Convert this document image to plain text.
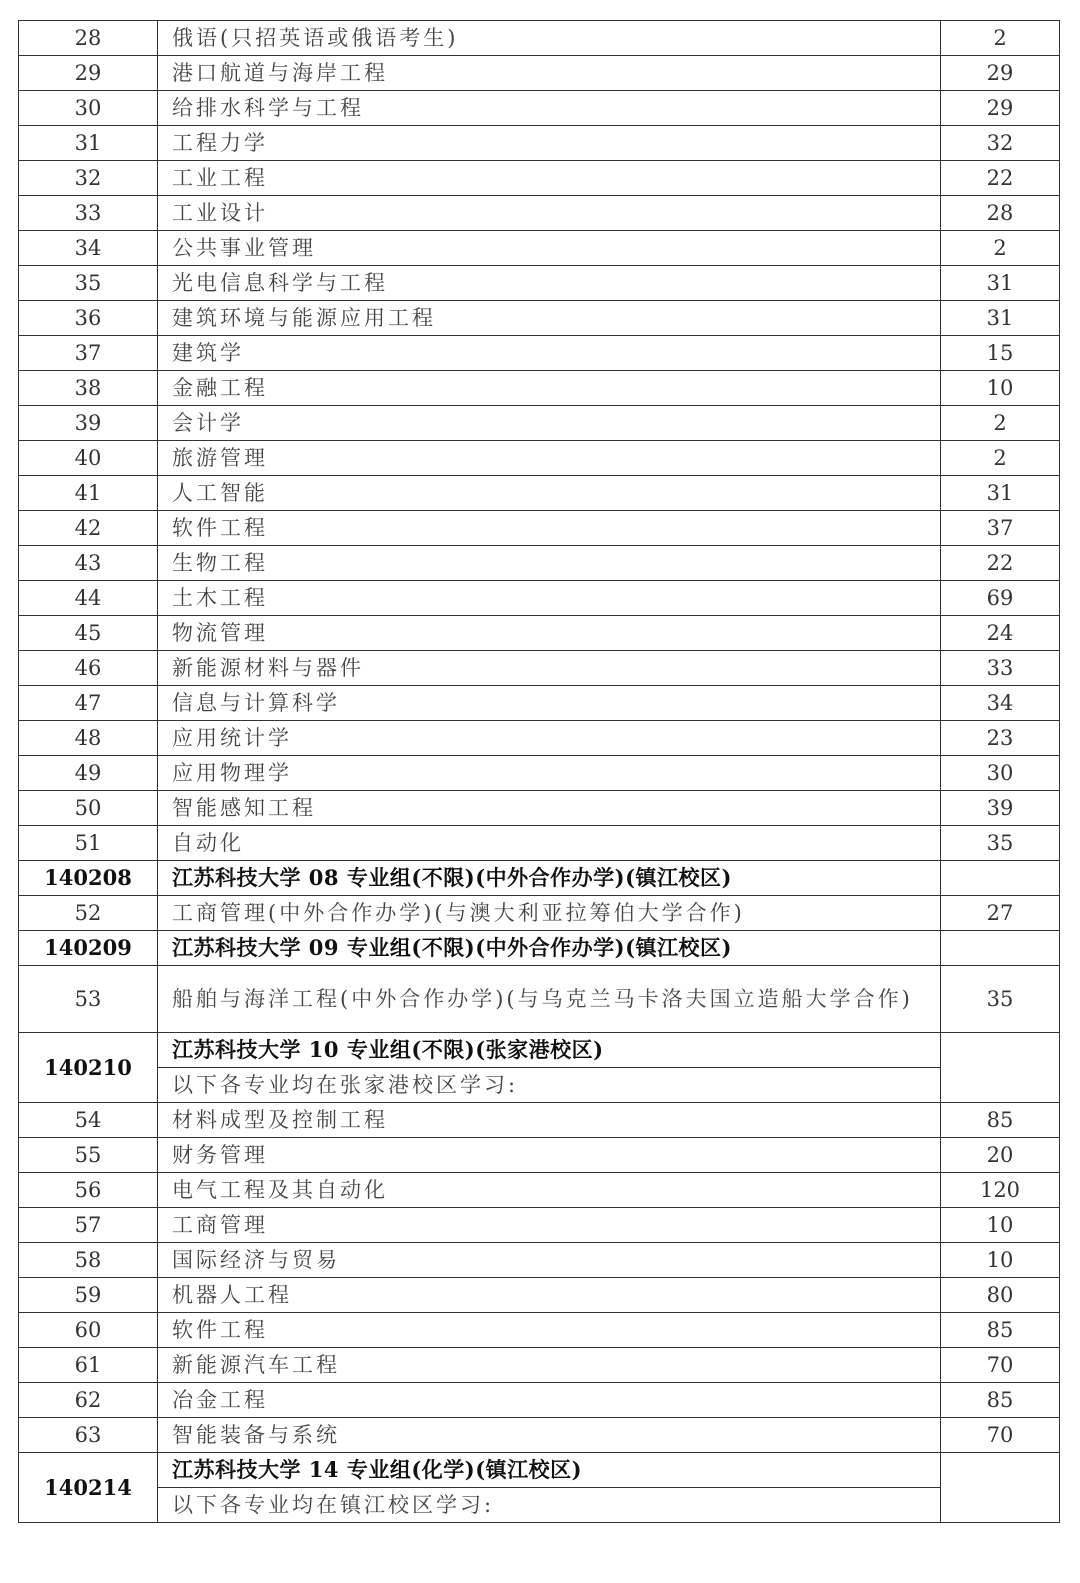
28	俄语(只招英语或俄语考生)	2
29	港口航道与海岸工程	29
30	给排水科学与工程	29
31	工程力学	32
32	工业工程	22
33	工业设计	28
34	公共事业管理	2
35	光电信息科学与工程	31
36	建筑环境与能源应用工程	31
37	建筑学	15
38	金融工程	10
39	会计学	2
40	旅游管理	2
41	人工智能	31
42	软件工程	37
43	生物工程	22
44	土木工程	69
45	物流管理	24
46	新能源材料与器件	33
47	信息与计算科学	34
48	应用统计学	23
49	应用物理学	30
50	智能感知工程	39
51	自动化	35
140208	江苏科技大学 08 专业组(不限)(中外合作办学)(镇江校区)	
52	工商管理(中外合作办学)(与澳大利亚拉筹伯大学合作)	27
140209	江苏科技大学 09 专业组(不限)(中外合作办学)(镇江校区)	
53	船舶与海洋工程(中外合作办学)(与乌克兰马卡洛夫国立造船大学合作)	35
140210	江苏科技大学 10 专业组(不限)(张家港校区)	
	以下各专业均在张家港校区学习:	
54	材料成型及控制工程	85
55	财务管理	20
56	电气工程及其自动化	120
57	工商管理	10
58	国际经济与贸易	10
59	机器人工程	80
60	软件工程	85
61	新能源汽车工程	70
62	冶金工程	85
63	智能装备与系统	70
140214	江苏科技大学 14 专业组(化学)(镇江校区)	
	以下各专业均在镇江校区学习:	
